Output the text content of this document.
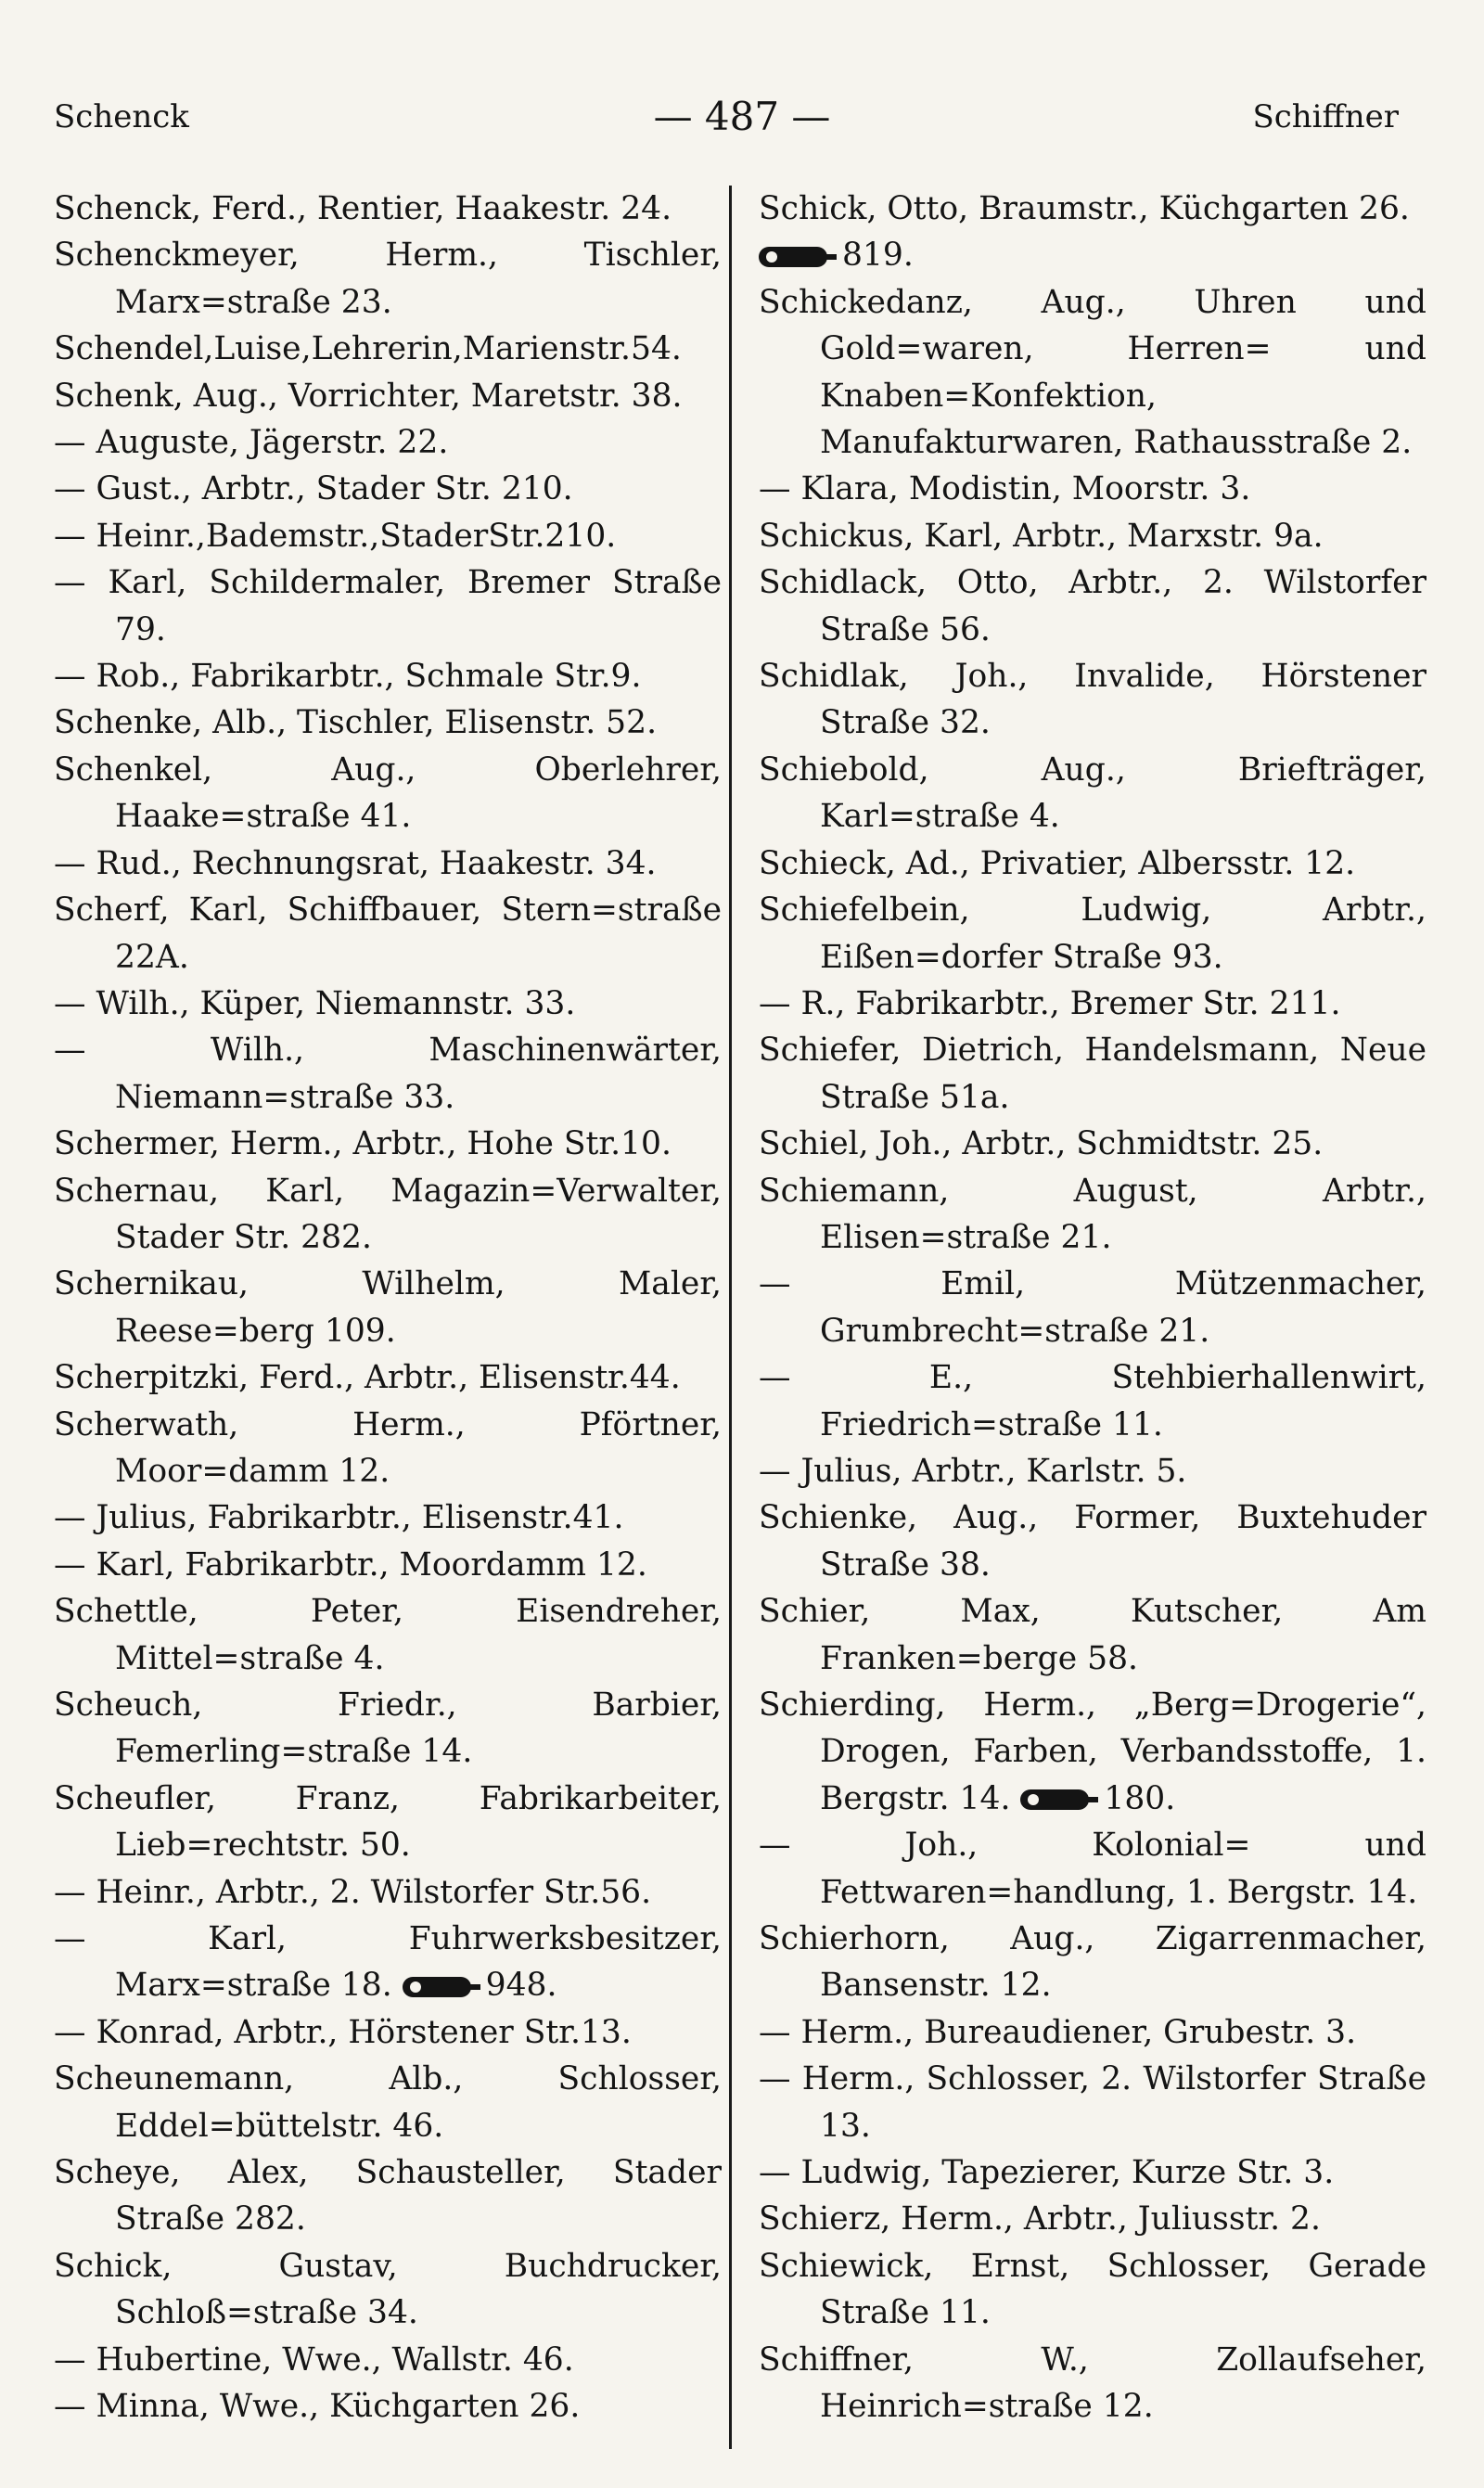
Schenck	— 487 —	Schiffner
Schenck, Ferd., Rentier, Haakestr. 24.
Schenckmeyer, Herm., Tischler, Marx=straße 23.
Schendel,Luise,Lehrerin,Marienstr.54.
Schenk, Aug., Vorrichter, Maretstr. 38.
— Auguste, Jägerstr. 22.
— Gust., Arbtr., Stader Str. 210.
— Heinr.,Bademstr.,StaderStr.210.
— Karl, Schildermaler, Bremer Straße 79.
— Rob., Fabrikarbtr., Schmale Str.9.
Schenke, Alb., Tischler, Elisenstr. 52.
Schenkel, Aug., Oberlehrer, Haake=straße 41.
— Rud., Rechnungsrat, Haakestr. 34.
Scherf, Karl, Schiffbauer, Stern=straße 22A.
— Wilh., Küper, Niemannstr. 33.
— Wilh., Maschinenwärter, Niemann=straße 33.
Schermer, Herm., Arbtr., Hohe Str.10.
Schernau, Karl, Magazin=Verwalter, Stader Str. 282.
Schernikau, Wilhelm, Maler, Reese=berg 109.
Scherpitzki, Ferd., Arbtr., Elisenstr.44.
Scherwath, Herm., Pförtner, Moor=damm 12.
— Julius, Fabrikarbtr., Elisenstr.41.
— Karl, Fabrikarbtr., Moordamm 12.
Schettle, Peter, Eisendreher, Mittel=straße 4.
Scheuch, Friedr., Barbier, Femerling=straße 14.
Scheufler, Franz, Fabrikarbeiter, Lieb=rechtstr. 50.
— Heinr., Arbtr., 2. Wilstorfer Str.56.
— Karl, Fuhrwerksbesitzer, Marx=straße 18.	948.
— Konrad, Arbtr., Hörstener Str.13.
Scheunemann, Alb., Schlosser, Eddel=büttelstr. 46.
Scheye, Alex, Schausteller, Stader Straße 282.
Schick, Gustav, Buchdrucker, Schloß=straße 34.
— Hubertine, Wwe., Wallstr. 46.
— Minna, Wwe., Küchgarten 26.
Schick, Otto, Braumstr., Küchgarten 26.
819.
Schickedanz, Aug., Uhren und Gold=waren, Herren= und Knaben=Konfektion, Manufakturwaren, Rathausstraße 2.
— Klara, Modistin, Moorstr. 3.
Schickus, Karl, Arbtr., Marxstr. 9a.
Schidlack, Otto, Arbtr., 2. Wilstorfer Straße 56.
Schidlak, Joh., Invalide, Hörstener Straße 32.
Schiebold, Aug., Briefträger, Karl=straße 4.
Schieck, Ad., Privatier, Albersstr. 12.
Schiefelbein, Ludwig, Arbtr., Eißen=dorfer Straße 93.
— R., Fabrikarbtr., Bremer Str. 211.
Schiefer, Dietrich, Handelsmann, Neue Straße 51a.
Schiel, Joh., Arbtr., Schmidtstr. 25.
Schiemann, August, Arbtr., Elisen=straße 21.
— Emil, Mützenmacher, Grumbrecht=straße 21.
— E., Stehbierhallenwirt, Friedrich=straße 11.
— Julius, Arbtr., Karlstr. 5.
Schienke, Aug., Former, Buxtehuder Straße 38.
Schier, Max, Kutscher, Am Franken=berge 58.
Schierding, Herm., „Berg=Drogerie“, Drogen, Farben, Verbandsstoffe, 1. Bergstr. 14.	180.
— Joh., Kolonial= und Fettwaren=handlung, 1. Bergstr. 14.
Schierhorn, Aug., Zigarrenmacher, Bansenstr. 12.
— Herm., Bureaudiener, Grubestr. 3.
— Herm., Schlosser, 2. Wilstorfer Straße 13.
— Ludwig, Tapezierer, Kurze Str. 3.
Schierz, Herm., Arbtr., Juliusstr. 2.
Schiewick, Ernst, Schlosser, Gerade Straße 11.
Schiffner, W., Zollaufseher, Heinrich=straße 12.
